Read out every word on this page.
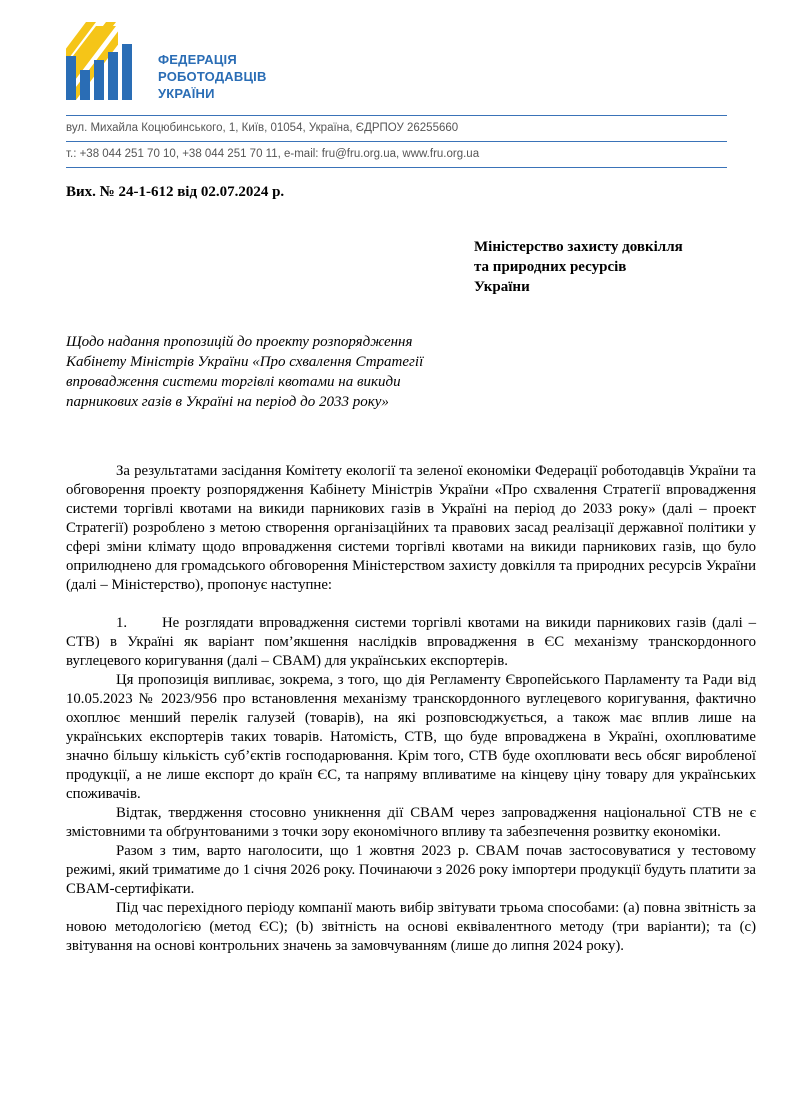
ФЕДЕРАЦІЯ
РОБОТОДАВЦІВ
УКРАЇНИ
вул. Михайла Коцюбинського, 1, Київ, 01054, Україна, ЄДРПОУ 26255660
т.: +38 044 251 70 10, +38 044 251 70 11, e-mail: fru@fru.org.ua, www.fru.org.ua
Вих. № 24-1-612 від 02.07.2024 р.
Міністерство захисту довкілля
та природних ресурсів
України
Щодо надання пропозицій до проекту розпорядження
Кабінету Міністрів України «Про схвалення Стратегії
впровадження системи торгівлі квотами на викиди
парникових газів в Україні на період до 2033 року»

За результатами засідання Комітету екології та зеленої економіки Федерації роботодавців України та обговорення проекту розпорядження Кабінету Міністрів України «Про схвалення Стратегії впровадження системи торгівлі квотами на викиди парникових газів в Україні на період до 2033 року» (далі – проект Стратегії) розроблено з метою створення організаційних та правових засад реалізації державної політики у сфері зміни клімату щодо впровадження системи торгівлі квотами на викиди парникових газів, що було оприлюднено для громадського обговорення Міністерством захисту довкілля та природних ресурсів України (далі – Міністерство), пропонує наступне:

1. Не розглядати впровадження системи торгівлі квотами на викиди парникових газів (далі – СТВ) в Україні як варіант пом’якшення наслідків впровадження в ЄС механізму транскордонного вуглецевого коригування (далі – CBAM) для українських експортерів.

Ця пропозиція випливає, зокрема, з того, що дія Регламенту Європейського Парламенту та Ради від 10.05.2023 № 2023/956 про встановлення механізму транскордонного вуглецевого коригування, фактично охоплює менший перелік галузей (товарів), на які розповсюджується, а також має вплив лише на українських експортерів таких товарів. Натомість, СТВ, що буде впроваджена в Україні, охоплюватиме значно більшу кількість суб’єктів господарювання. Крім того, СТВ буде охоплювати весь обсяг виробленої продукції, а не лише експорт до країн ЄС, та напряму впливатиме на кінцеву ціну товару для українських споживачів.

Відтак, твердження стосовно уникнення дії CBAM через запровадження національної СТВ не є змістовними та обґрунтованими з точки зору економічного впливу та забезпечення розвитку економіки.

Разом з тим, варто наголосити, що 1 жовтня 2023 р. CBAM почав застосовуватися у тестовому режимі, який триматиме до 1 січня 2026 року. Починаючи з 2026 року імпортери продукції будуть платити за CBAM-сертифікати.

Під час перехідного періоду компанії мають вибір звітувати трьома способами: (а) повна звітність за новою методологією (метод ЄС); (b) звітність на основі еквівалентного методу (три варіанти); та (c) звітування на основі контрольних значень за замовчуванням (лише до липня 2024 року).
